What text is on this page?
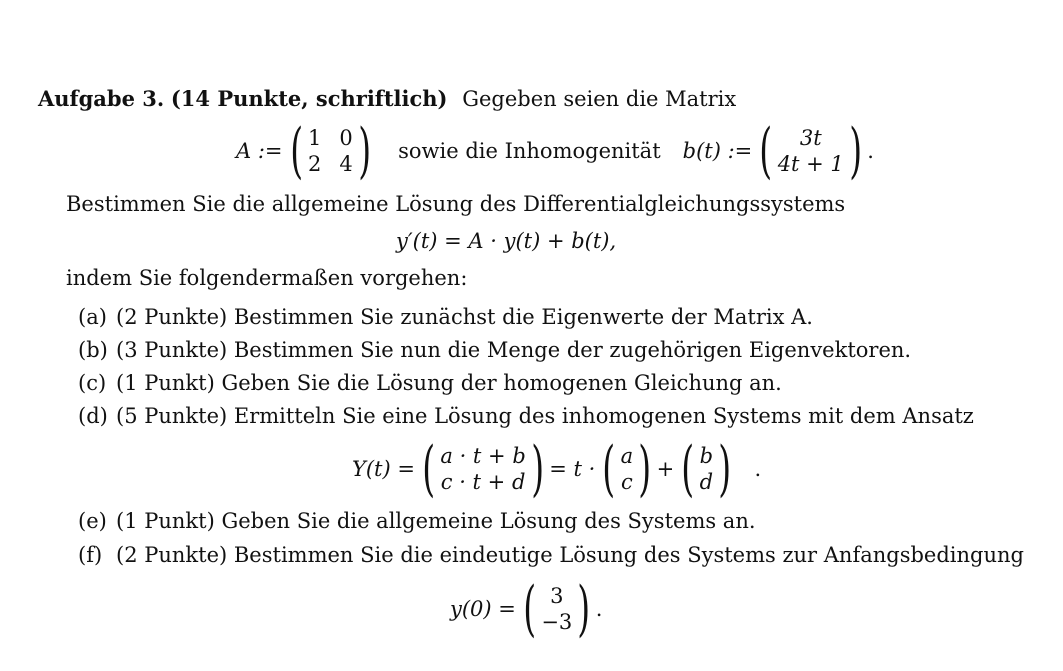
Aufgabe 3. (14 Punkte, schriftlich) Gegeben seien die Matrix
A := ( 1 0
2 4 ) sowie die Inhomogenität b(t) := ( 3t
4t + 1 ) .
Bestimmen Sie die allgemeine Lösung des Differentialgleichungssystems
y′(t) = A · y(t) + b(t),
indem Sie folgendermaßen vorgehen:
(a) (2 Punkte) Bestimmen Sie zunächst die Eigenwerte der Matrix A.
(b) (3 Punkte) Bestimmen Sie nun die Menge der zugehörigen Eigenvektoren.
(c) (1 Punkt) Geben Sie die Lösung der homogenen Gleichung an.
(d) (5 Punkte) Ermitteln Sie eine Lösung des inhomogenen Systems mit dem Ansatz
Y(t) = ( a · t + b
c · t + d ) = t · ( a
c ) + ( b
d ) .
(e) (1 Punkt) Geben Sie die allgemeine Lösung des Systems an.
(f) (2 Punkte) Bestimmen Sie die eindeutige Lösung des Systems zur Anfangsbedingung
y(0) = ( 3
−3 ) .
